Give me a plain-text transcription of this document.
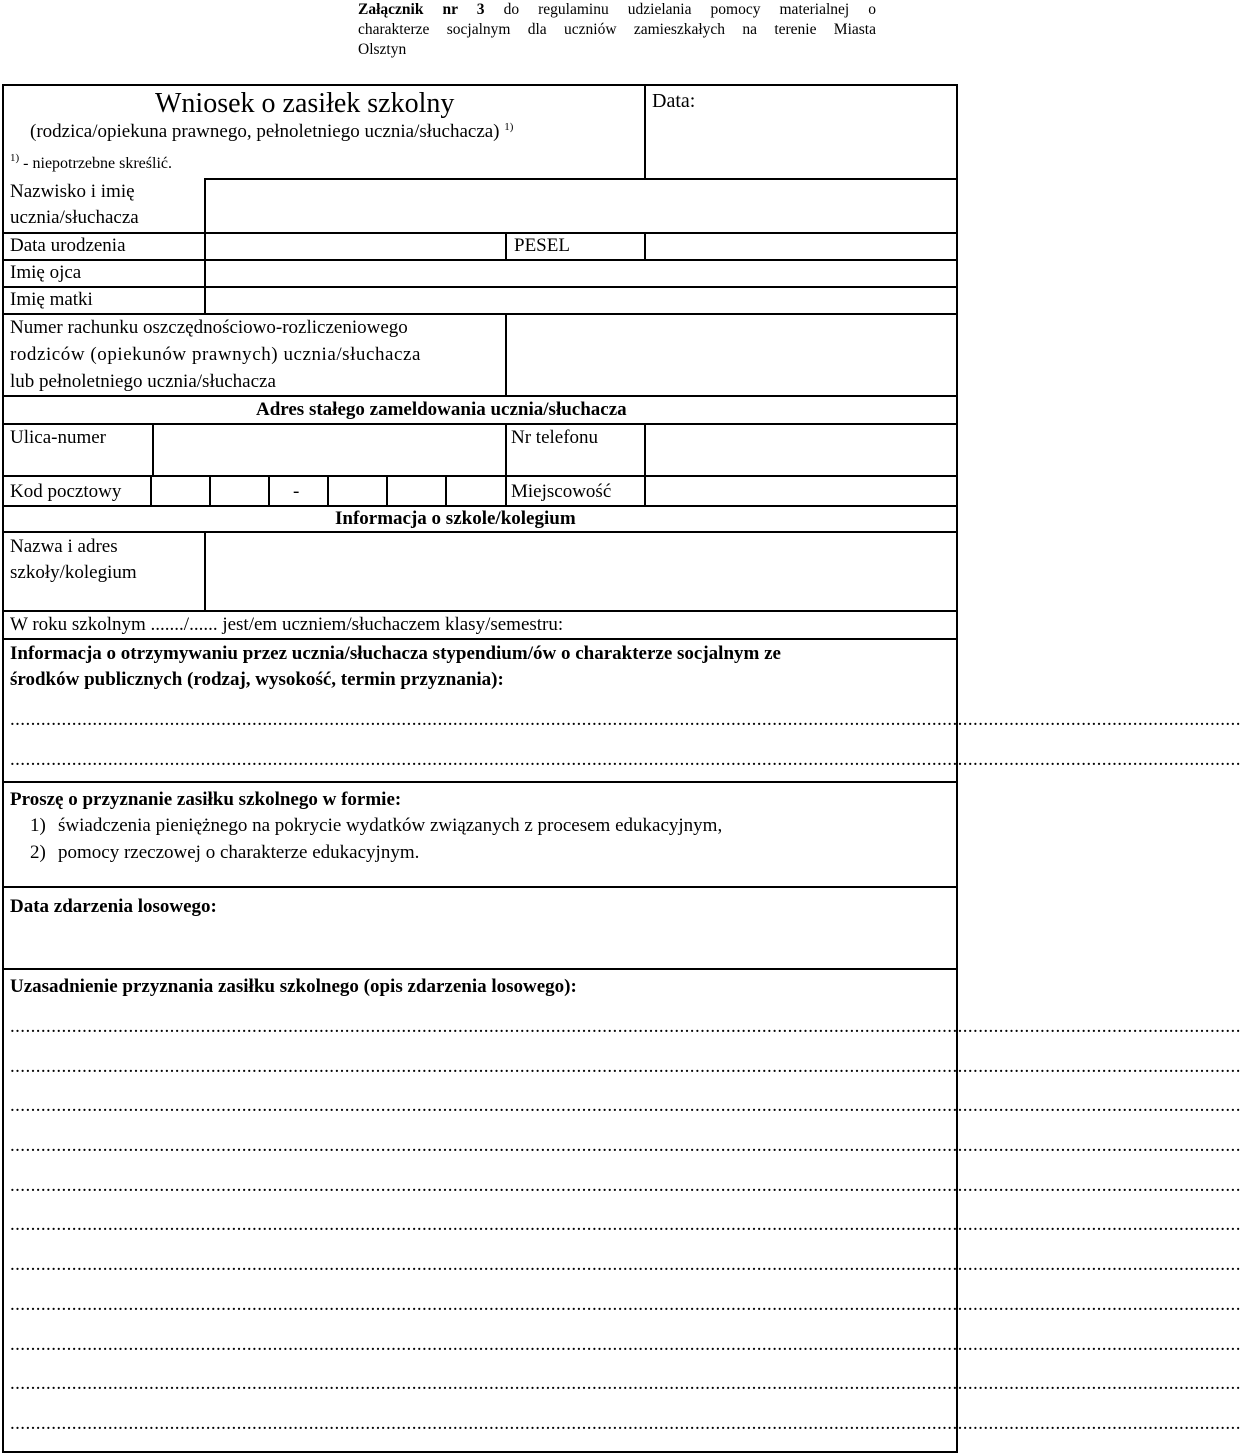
Załącznik nr 3 do regulaminu udzielania pomocy materialnej o
charakterze socjalnym dla uczniów zamieszkałych na terenie Miasta
Olsztyn
Wniosek o zasiłek szkolny
(rodzica/opiekuna prawnego, pełnoletniego ucznia/słuchacza) $^{1)}$
$^{1)}$ - niepotrzebne skreślić.
Data:
Nazwisko i imię
ucznia/słuchacza
Data urodzenia	PESEL
Imię ojca
Imię matki
Numer rachunku oszczędnościowo-rozliczeniowego
rodziców (opiekunów prawnych) ucznia/słuchacza
lub pełnoletniego ucznia/słuchacza
Adres stałego zameldowania ucznia/słuchacza
Ulica-numer	Nr telefonu
Kod pocztowy	-	Miejscowość
Informacja o szkole/kolegium
Nazwa i adres
szkoły/kolegium
W roku szkolnym ......./...... jest/em uczniem/słuchaczem klasy/semestru:
Informacja o otrzymywaniu przez ucznia/słuchacza stypendium/ów o charakterze socjalnym ze
środków publicznych (rodzaj, wysokość, termin przyznania):
...............................................................................................................................................................................................................................................
...............................................................................................................................................................................................................................................
Proszę o przyznanie zasiłku szkolnego w formie:
1) świadczenia pieniężnego na pokrycie wydatków związanych z procesem edukacyjnym,
2) pomocy rzeczowej o charakterze edukacyjnym.
Data zdarzenia losowego:
Uzasadnienie przyznania zasiłku szkolnego (opis zdarzenia losowego):
...............................................................................................................................................................................................................................................
...............................................................................................................................................................................................................................................
...............................................................................................................................................................................................................................................
...............................................................................................................................................................................................................................................
...............................................................................................................................................................................................................................................
...............................................................................................................................................................................................................................................
...............................................................................................................................................................................................................................................
...............................................................................................................................................................................................................................................
...............................................................................................................................................................................................................................................
...............................................................................................................................................................................................................................................
...............................................................................................................................................................................................................................................
